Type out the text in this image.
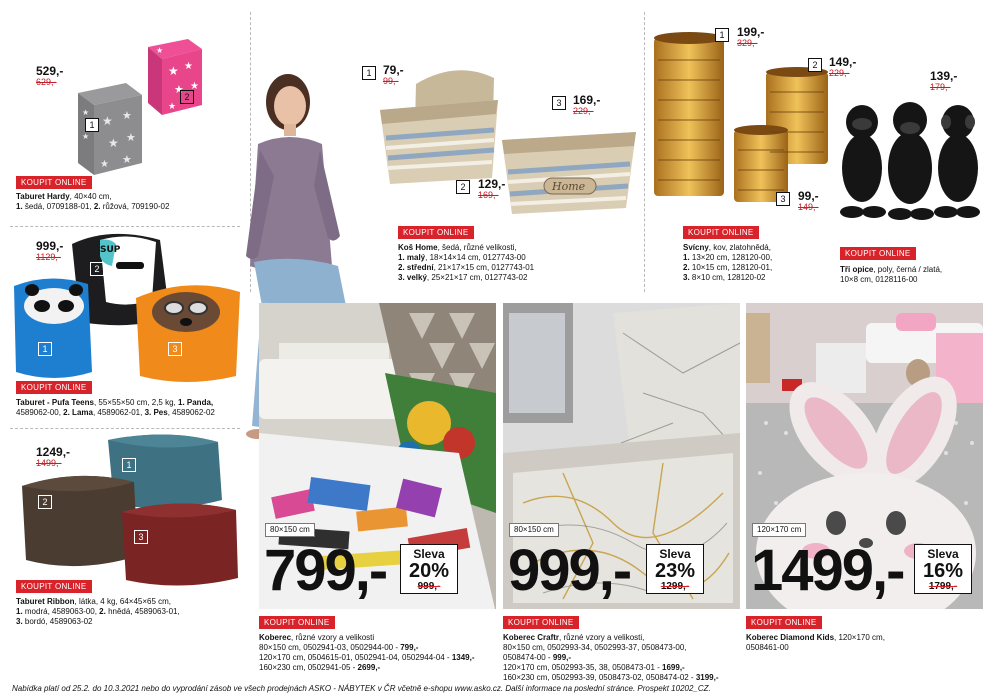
529,-
629,-
★ ★
★ ★
★
★
★ ★
★ ★
★ ★
★
★
1
2
KOUPIT ONLINE
Taburet Hardy, 40×40 cm,
1. šedá, 0709188-01, 2. růžová, 709190-02
999,-
1129,-
SUP
2
1	3
KOUPIT ONLINE
Taburet - Pufa Teens, 55×55×50 cm, 2,5 kg, 1. Panda,
4589062-00, 2. Lama, 4589062-01, 3. Pes, 4589062-02
1249,-
1499,-	1
2
3
KOUPIT ONLINE
Taburet Ribbon, látka, 4 kg, 64×45×65 cm,
1. modrá, 4589063-00, 2. hnědá, 4589063-01,
3. bordó, 4589063-02
1 79,-
99,-
3 169,-
229,-
2	129,-
169,-
Home
KOUPIT ONLINE
Koš Home, šedá, různé velikosti,
1. malý, 18×14×14 cm, 0127743-00
2. střední, 21×17×15 cm, 0127743-01
3. velký, 25×21×17 cm, 0127743-02
1	199,-
329,-
2 149,-
229,-
3	99,-
149,-
KOUPIT ONLINE
Svícny, kov, zlatohnědá,
1. 13×20 cm, 128120-00,
2. 10×15 cm, 128120-01,
3. 8×10 cm, 128120-02
139,-
179,-
KOUPIT ONLINE
Tři opice, poly, černá / zlatá,
10×8 cm, 0128116-00
80×150 cm
799,-	Sleva
20%
999,-
KOUPIT ONLINE
Koberec, různé vzory a velikosti
80×150 cm, 0502941-03, 0502944-00 - 799,-
120×170 cm, 0504615-01, 0502941-04, 0502944-04 - 1349,-
160×230 cm, 0502941-05 - 2699,-
80×150 cm
999,-	Sleva
23%
1299,-
KOUPIT ONLINE
Koberec Craftr, různé vzory a velikosti,
80×150 cm, 0502993-34, 0502993-37, 0508473-00,
0508474-00 - 999,-
120×170 cm, 0502993-35, 38, 0508473-01 - 1699,-
160×230 cm, 0502993-39, 0508473-02, 0508474-02 - 3199,-
120×170 cm
1499,-	Sleva
16%
1799,-
KOUPIT ONLINE
Koberec Diamond Kids, 120×170 cm,
0508461-00
Nabídka platí od 25.2. do 10.3.2021 nebo do vyprodání zásob ve všech prodejnách ASKO - NÁBYTEK v ČR včetně e-shopu www.asko.cz. Další informace na poslední stránce. Prospekt 10202_CZ.
